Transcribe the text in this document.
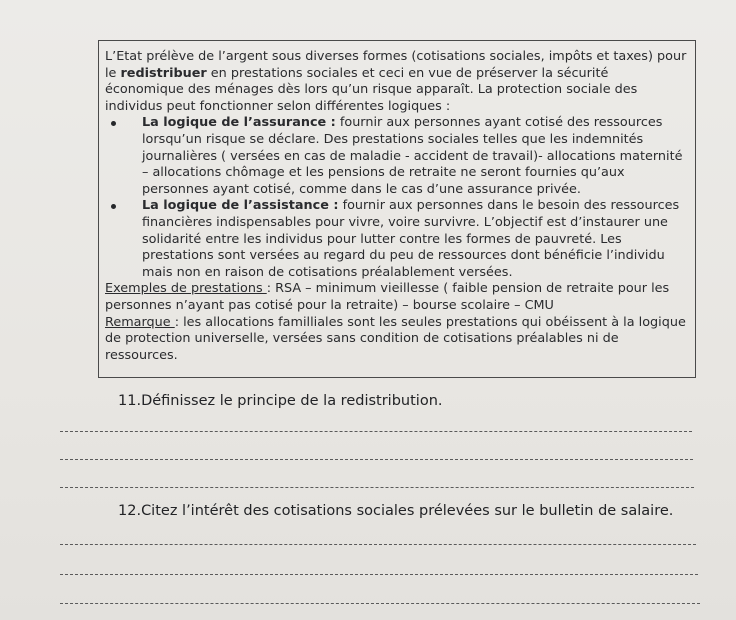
L’Etat prélève de l’argent sous diverses formes (cotisations sociales, impôts et taxes) pour le redistribuer en prestations sociales et ceci en vue de préserver la sécurité économique des ménages dès lors qu’un risque apparaît. La protection sociale des individus peut fonctionner selon différentes logiques :

La logique de l’assurance : fournir aux personnes ayant cotisé des ressources lorsqu’un risque se déclare. Des prestations sociales telles que les indemnités journalières ( versées en cas de maladie - accident de travail)- allocations maternité – allocations chômage et les pensions de retraite ne seront fournies qu’aux personnes ayant cotisé, comme dans le cas d’une assurance privée.
La logique de l’assistance : fournir aux personnes dans le besoin des ressources financières indispensables pour vivre, voire survivre. L’objectif est d’instaurer une solidarité entre les individus pour lutter contre les formes de pauvreté. Les prestations sont versées au regard du peu de ressources dont bénéficie l’individu mais non en raison de cotisations préalablement versées.

Exemples de prestations : RSA – minimum vieillesse ( faible pension de retraite pour les personnes n’ayant pas cotisé pour la retraite) – bourse scolaire – CMU

Remarque : les allocations familliales sont les seules prestations qui obéissent à la logique de protection universelle, versées sans condition de cotisations préalables ni de ressources.

11.Définissez le principe de la redistribution.
12.Citez l’intérêt des cotisations sociales prélevées sur le bulletin de salaire.
